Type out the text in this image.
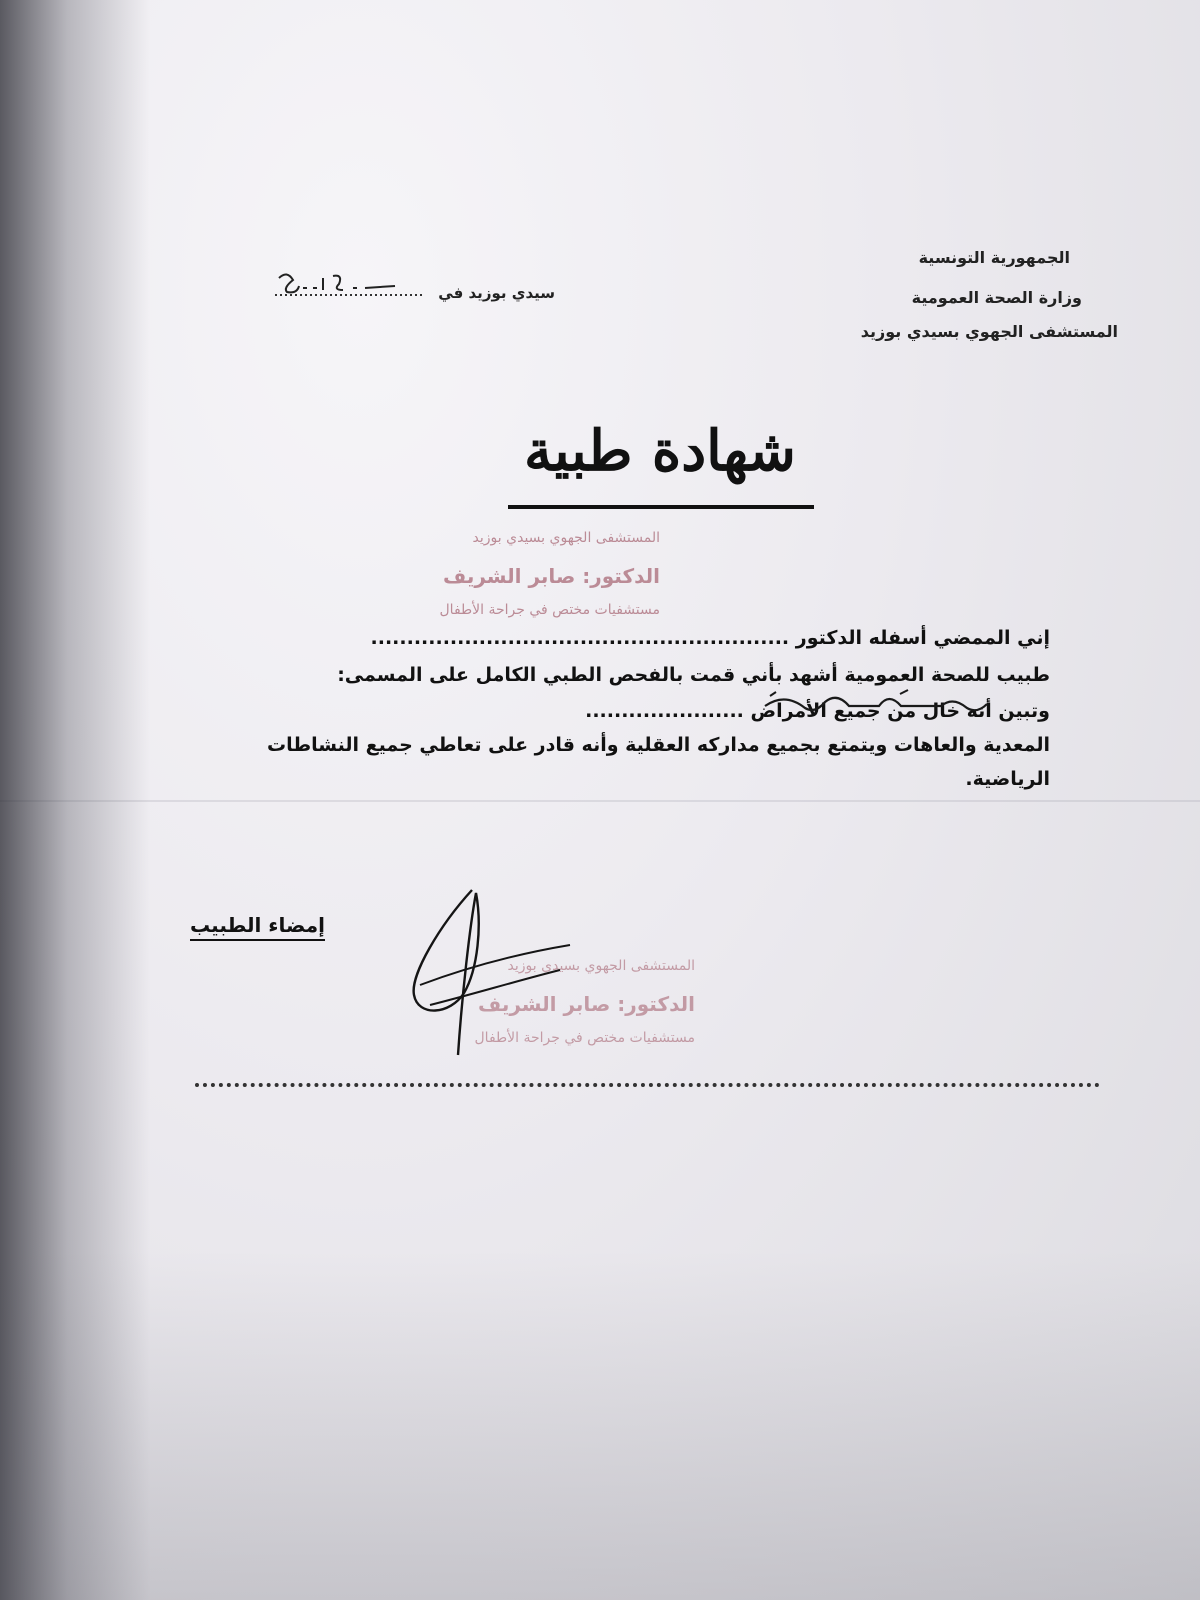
الجمهورية التونسية
وزارة الصحة العمومية
المستشفى الجهوي بسيدي بوزيد
سيدي بوزيد في
شهادة طبية
المستشفى الجهوي بسيدي بوزيد
الدكتور: صابر الشريف
مستشفيات مختص في جراحة الأطفال
إني الممضي أسفله الدكتور ..........................................................
طبيب للصحة العمومية أشهد بأني قمت بالفحص الطبي الكامل على المسمى:
وتبين أنه خال من جميع الأمراض ......................
المعدية والعاهات ويتمتع بجميع مداركه العقلية وأنه قادر على تعاطي جميع النشاطات
الرياضية.
إمضاء الطبيب
المستشفى الجهوي بسيدي بوزيد
الدكتور: صابر الشريف
مستشفيات مختص في جراحة الأطفال
